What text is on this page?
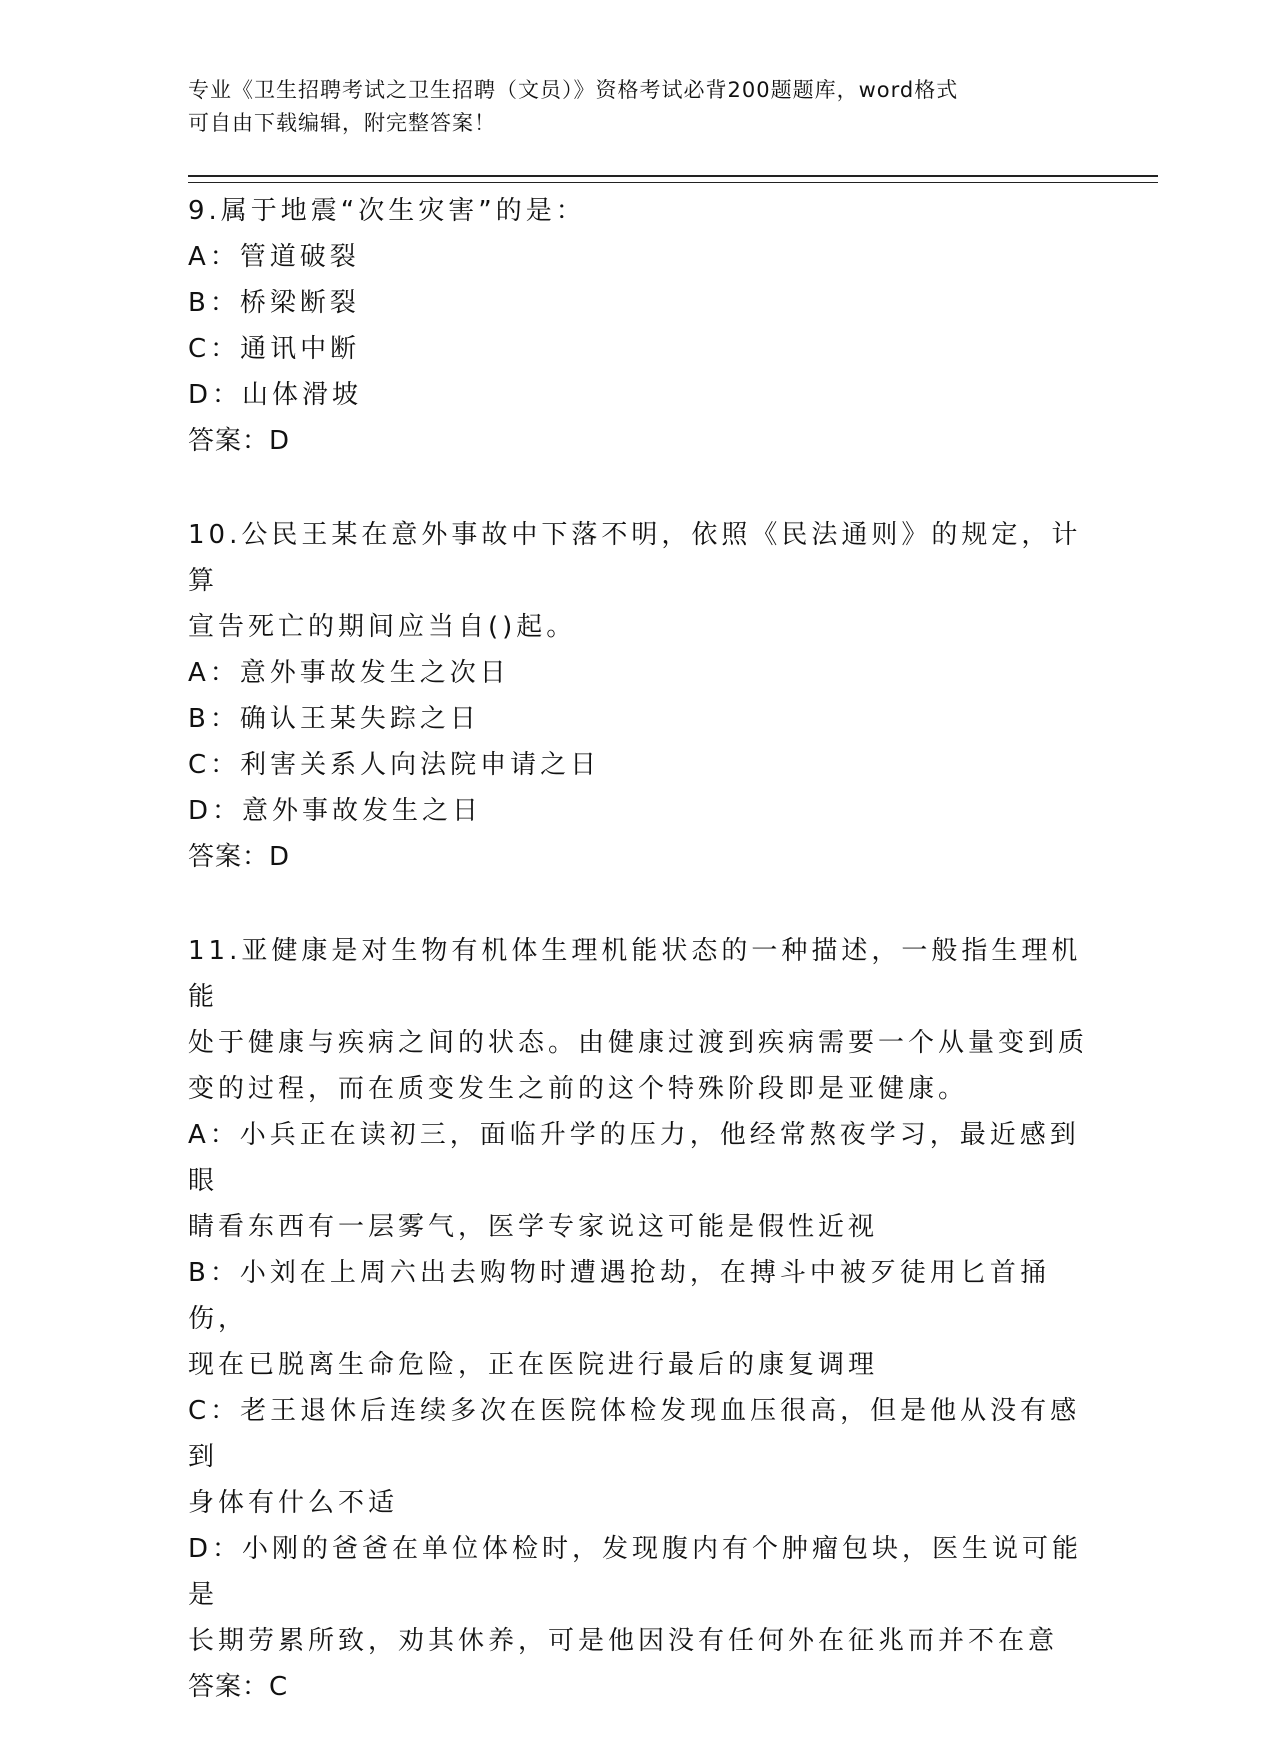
专业《卫生招聘考试之卫生招聘（文员）》资格考试必背200题题库，word格式
可自由下载编辑，附完整答案！
9.属于地震“次生灾害”的是：
A：管道破裂
B：桥梁断裂
C：通讯中断
D：山体滑坡
答案：D
10.公民王某在意外事故中下落不明，依照《民法通则》的规定，计算
宣告死亡的期间应当自()起。
A：意外事故发生之次日
B：确认王某失踪之日
C：利害关系人向法院申请之日
D：意外事故发生之日
答案：D
11.亚健康是对生物有机体生理机能状态的一种描述，一般指生理机能
处于健康与疾病之间的状态。由健康过渡到疾病需要一个从量变到质
变的过程，而在质变发生之前的这个特殊阶段即是亚健康。
A：小兵正在读初三，面临升学的压力，他经常熬夜学习，最近感到眼
睛看东西有一层雾气，医学专家说这可能是假性近视
B：小刘在上周六出去购物时遭遇抢劫，在搏斗中被歹徒用匕首捅伤，
现在已脱离生命危险，正在医院进行最后的康复调理
C：老王退休后连续多次在医院体检发现血压很高，但是他从没有感到
身体有什么不适
D：小刚的爸爸在单位体检时，发现腹内有个肿瘤包块，医生说可能是
长期劳累所致，劝其休养，可是他因没有任何外在征兆而并不在意
答案：C
